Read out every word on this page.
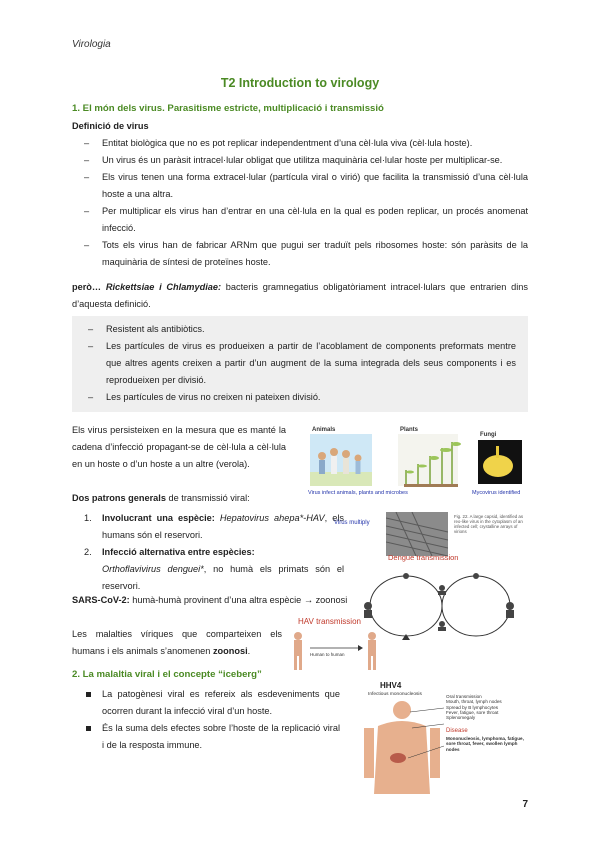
Virologia
T2 Introduction to virology
1. El món dels virus. Parasitisme estricte, multiplicació i transmissió
Definició de virus
– Entitat biològica que no es pot replicar independentment d’una cèl·lula viva (cèl·lula hoste).
– Un virus és un paràsit intracel·lular obligat que utilitza maquinària cel·lular hoste per multiplicar-se.
– Els virus tenen una forma extracel·lular (partícula viral o virió) que facilita la transmissió d’una cèl·lula hoste a una altra.
– Per multiplicar els virus han d’entrar en una cèl·lula en la qual es poden replicar, un procés anomenat infecció.
– Tots els virus han de fabricar ARNm que pugui ser traduït pels ribosomes hoste: són paràsits de la maquinària de síntesi de proteïnes hoste.

però… Rickettsiae i Chlamydiae: bacteris gramnegatius obligatòriament intracel·lulars que entrarien dins d’aquesta definició.

– Resistent als antibiòtics.
– Les partícules de virus es produeixen a partir de l’acoblament de components preformats mentre que altres agents creixen a partir d’un augment de la suma integrada dels seus components i es reprodueixen per divisió.
– Les partícules de virus no creixen ni pateixen divisió.

Els virus persisteixen en la mesura que es manté la cadena d’infecció propagant-se de cèl·lula a cèl·lula en un hoste o d’un hoste a un altre (verola).

Animals	Plants
Fungi
Virus infect animals, plants and microbes	Mycovirus identified

Dos patrons generals de transmissió viral:

1. Involucrant una espècie: Hepatovirus ahepa*-HAV, els humans són el reservori.
2. Infecció alternativa entre espècies:
Orthoflavivirus denguei*, no humà els primats són el reservori.
Virus multiply
Fig. 22. A large capsid, identified as reo-like virus in the cytoplasm of an infected cell; crystalline arrays of virions
Dengue transmission

SARS-CoV-2: humà-humà provinent d’una altra espècie → zoonosi

Les malalties víriques que comparteixen els humans i els animals s’anomenen zoonosi.

HAV transmission
Human to human
2. La malaltia viral i el concepte “iceberg”
La patogènesi viral es refereix als esdeveniments que ocorren durant la infecció viral d’un hoste.
És la suma dels efectes sobre l’hoste de la replicació viral i de la resposta immune.
HHV4
Infectious mononucleosis	Oral transmission
Mouth, throat, lymph nodes
Spread by B lymphocytes
Fever, fatigue, sore throat
Splenomegaly
Disease
Mononucleosis, lymphoma, fatigue, sore throat, fever, swollen lymph nodes
7
